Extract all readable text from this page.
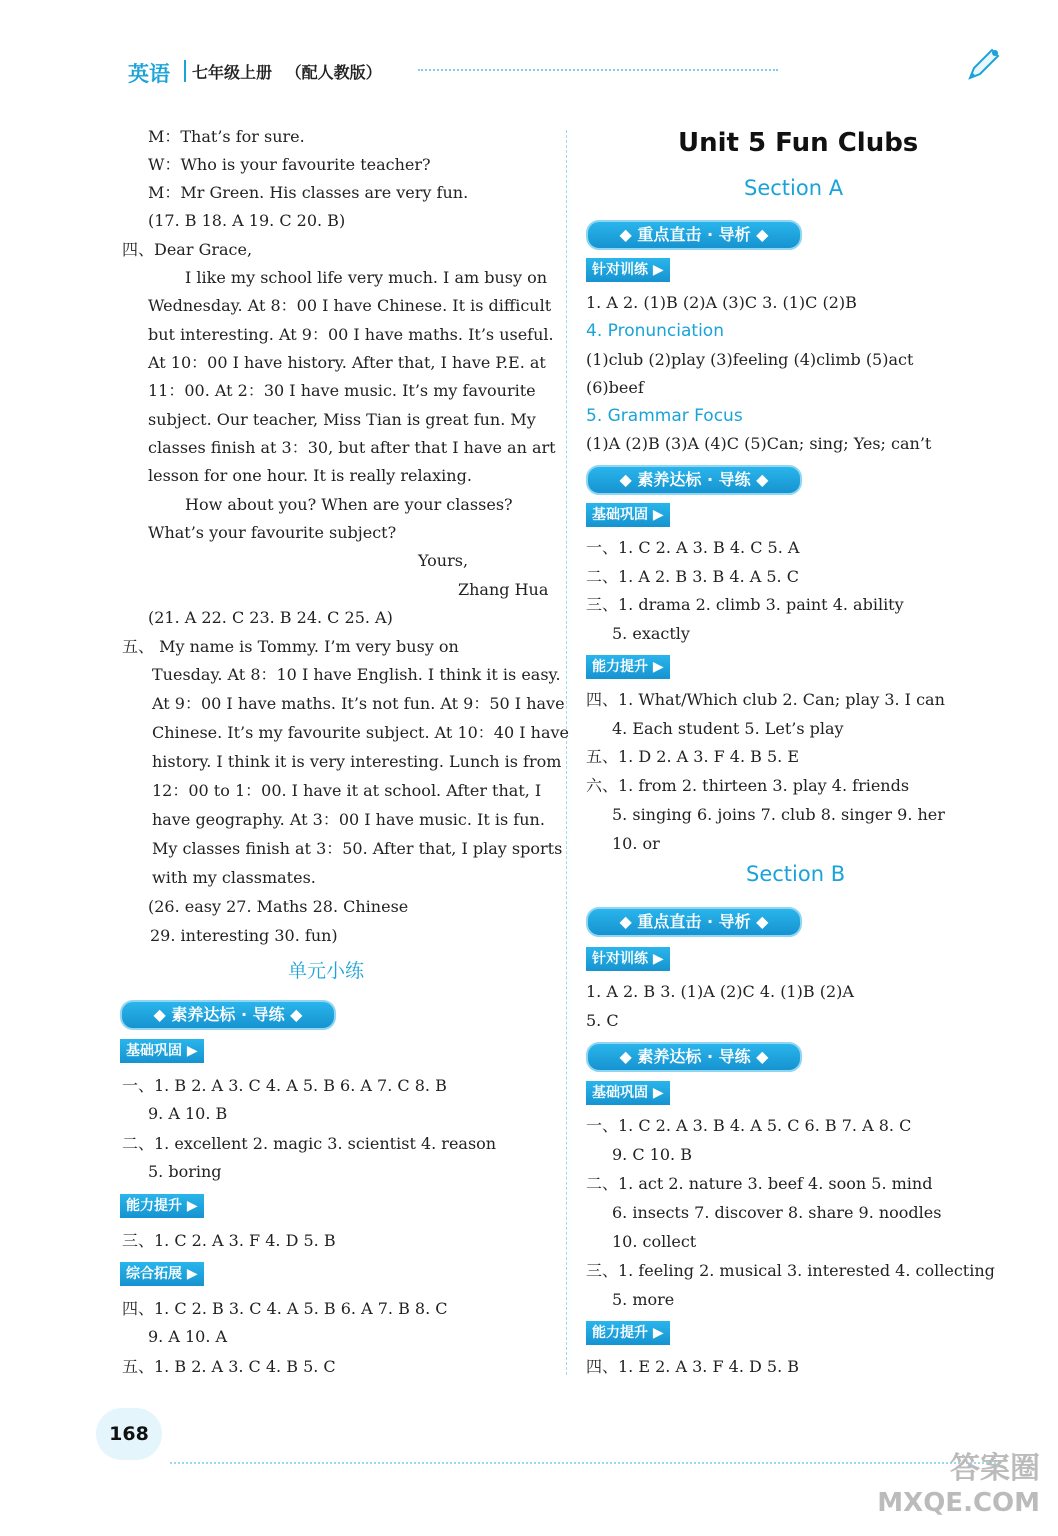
英语 七年级上册 （配人教版）
M：That’s for sure.
W：Who is your favourite teacher?
M：Mr Green. His classes are very fun.
(17. B 18. A 19. C 20. B)
四、Dear Grace,
I like my school life very much. I am busy on
Wednesday. At 8：00 I have Chinese. It is difficult
but interesting. At 9：00 I have maths. It’s useful.
At 10：00 I have history. After that, I have P.E. at
11：00. At 2：30 I have music. It’s my favourite
subject. Our teacher, Miss Tian is great fun. My
classes finish at 3：30, but after that I have an art
lesson for one hour. It is really relaxing.
How about you? When are your classes?
What’s your favourite subject?
Yours,
Zhang Hua
(21. A 22. C 23. B 24. C 25. A)
五、 My name is Tommy. I’m very busy on
Tuesday. At 8：10 I have English. I think it is easy.
At 9：00 I have maths. It’s not fun. At 9：50 I have
Chinese. It’s my favourite subject. At 10：40 I have
history. I think it is very interesting. Lunch is from
12：00 to 1：00. I have it at school. After that, I
have geography. At 3：00 I have music. It is fun.
My classes finish at 3：50. After that, I play sports
with my classmates.
(26. easy 27. Maths 28. Chinese
29. interesting 30. fun)
单元小练
◆ 素养达标 · 导练 ◆
基础巩固 ▶
一、1. B 2. A 3. C 4. A 5. B 6. A 7. C 8. B
9. A 10. B
二、1. excellent 2. magic 3. scientist 4. reason
5. boring
能力提升 ▶
三、1. C 2. A 3. F 4. D 5. B
综合拓展 ▶
四、1. C 2. B 3. C 4. A 5. B 6. A 7. B 8. C
9. A 10. A
五、1. B 2. A 3. C 4. B 5. C
Unit 5 Fun Clubs
Section A
◆ 重点直击 · 导析 ◆
针对训练 ▶
1. A 2. (1)B (2)A (3)C 3. (1)C (2)B
4. Pronunciation
(1)club (2)play (3)feeling (4)climb (5)act
(6)beef
5. Grammar Focus
(1)A (2)B (3)A (4)C (5)Can; sing; Yes; can’t
◆ 素养达标 · 导练 ◆
基础巩固 ▶
一、1. C 2. A 3. B 4. C 5. A
二、1. A 2. B 3. B 4. A 5. C
三、1. drama 2. climb 3. paint 4. ability
5. exactly
能力提升 ▶
四、1. What/Which club 2. Can; play 3. I can
4. Each student 5. Let’s play
五、1. D 2. A 3. F 4. B 5. E
六、1. from 2. thirteen 3. play 4. friends
5. singing 6. joins 7. club 8. singer 9. her
10. or
Section B
◆ 重点直击 · 导析 ◆
针对训练 ▶
1. A 2. B 3. (1)A (2)C 4. (1)B (2)A
5. C
◆ 素养达标 · 导练 ◆
基础巩固 ▶
一、1. C 2. A 3. B 4. A 5. C 6. B 7. A 8. C
9. C 10. B
二、1. act 2. nature 3. beef 4. soon 5. mind
6. insects 7. discover 8. share 9. noodles
10. collect
三、1. feeling 2. musical 3. interested 4. collecting
5. more
能力提升 ▶
四、1. E 2. A 3. F 4. D 5. B
168
答案圈
MXQE.COM
